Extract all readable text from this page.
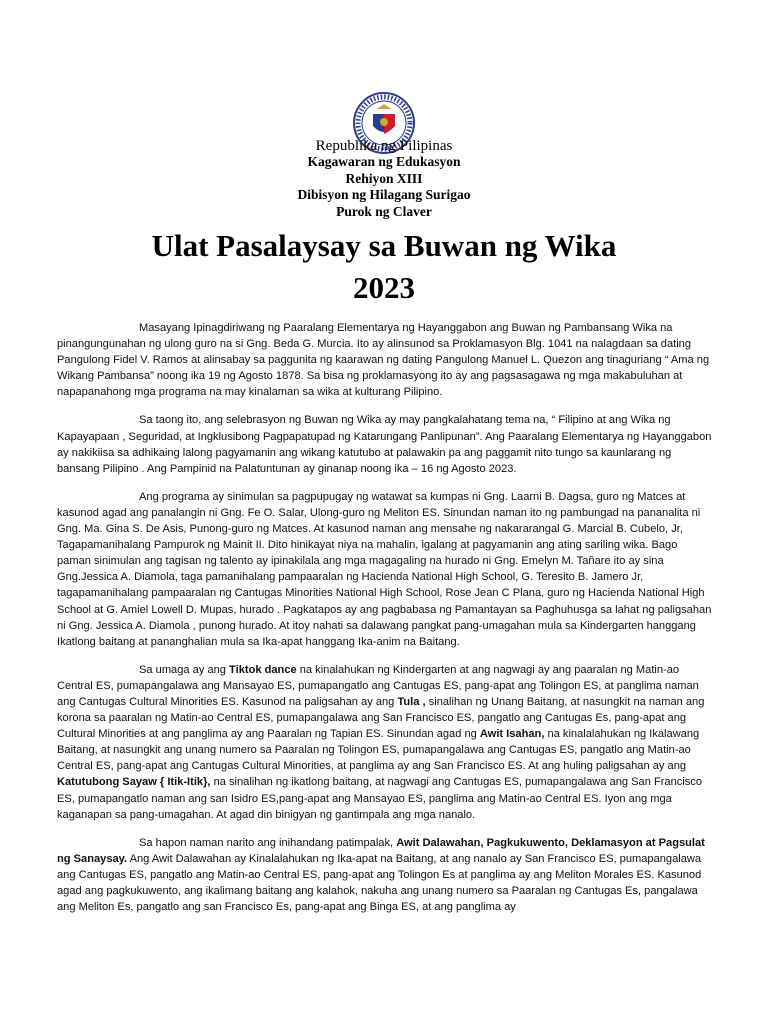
Republika ng Pilipinas
Kagawaran ng Edukasyon
Rehiyon XIII
Dibisyon ng Hilagang Surigao
Purok ng Claver
Ulat Pasalaysay sa Buwan ng Wika
2023

Masayang Ipinagdiriwang ng Paaralang Elementarya ng Hayanggabon ang Buwan ng Pambansang Wika na pinangungunahan ng ulong guro na si Gng. Beda G. Murcia. Ito ay alinsunod sa Proklamasyon Blg. 1041 na nalagdaan sa dating Pangulong Fidel V. Ramos at alinsabay sa paggunita ng kaarawan ng dating Pangulong Manuel L. Quezon ang tinaguriang “ Ama ng Wikang Pambansa” noong ika 19 ng Agosto 1878. Sa bisa ng proklamasyong ito ay ang pagsasagawa ng mga makabuluhan at napapanahong mga programa na may kinalaman sa wika at kulturang Pilipino.

Sa taong ito, ang selebrasyon ng Buwan ng Wika ay may pangkalahatang tema na, “ Filipino at ang Wika ng Kapayapaan , Seguridad, at Ingklusibong Pagpapatupad ng Katarungang Panlipunan”. Ang Paaralang Elementarya ng Hayanggabon ay nakikiisa sa adhikaing lalong pagyamanin ang wikang katutubo at palawakin pa ang paggamit nito tungo sa kaunlarang ng bansang Pilipino . Ang Pampinid na Palatuntunan ay ginanap noong ika – 16 ng Agosto 2023.

Ang programa ay sinimulan sa pagpupugay ng watawat sa kumpas ni Gng. Laarni B. Dagsa, guro ng Matces at kasunod agad ang panalangin ni Gng. Fe O. Salar, Ulong-guro ng Meliton ES. Sinundan naman ito ng pambungad na pananalita ni Gng. Ma. Gina S. De Asis, Punong-guro ng Matces. At kasunod naman ang mensahe ng nakararangal G. Marcial B. Cubelo, Jr, Tagapamanihalang Pampurok ng Mainit II. Dito hinikayat niya na mahalin, igalang at pagyamanin ang ating sariling wika. Bago paman sinimulan ang tagisan ng talento ay ipinakilala ang mga magagaling na hurado ni Gng. Emelyn M. Tañare ito ay sina Gng.Jessica A. Diamola, taga pamanihalang pampaaralan ng Hacienda National High School, G. Teresito B. Jamero Jr, tagapamanihalang pampaaralan ng Cantugas Minorities National High School, Rose Jean C Plana, guro ng Hacienda National High School at G. Amiel Lowell D. Mupas, hurado . Pagkatapos ay ang pagbabasa ng Pamantayan sa Paghuhusga sa lahat ng paligsahan ni Gng. Jessica A. Diamola , punong hurado. At itoy nahati sa dalawang pangkat pang-umagahan mula sa Kindergarten hanggang Ikatlong baitang at pananghalian mula sa Ika-apat hanggang Ika-anim na Baitang.

Sa umaga ay ang Tiktok dance na kinalahukan ng Kindergarten at ang nagwagi ay ang paaralan ng Matin-ao Central ES, pumapangalawa ang Mansayao ES, pumapangatlo ang Cantugas ES, pang-apat ang Tolingon ES, at panglima naman ang Cantugas Cultural Minorities ES. Kasunod na paligsahan ay ang Tula , sinalihan ng Unang Baitang, at nasungkit na naman ang korona sa paaralan ng Matin-ao Central ES, pumapangalawa ang San Francisco ES, pangatlo ang Cantugas Es, pang-apat ang Cultural Minorities at ang panglima ay ang Paaralan ng Tapian ES. Sinundan agad ng Awit Isahan, na kinalalahukan ng Ikalawang Baitang, at nasungkit ang unang numero sa Paaralan ng Tolingon ES, pumapangalawa ang Cantugas ES, pangatlo ang Matin-ao Central ES, pang-apat ang Cantugas Cultural Minorities, at panglima ay ang San Francisco ES. At ang huling paligsahan ay ang Katutubong Sayaw { Itik-Itik}, na sinalihan ng ikatlong baitang, at nagwagi ang Cantugas ES, pumapangalawa ang San Francisco ES, pumapangatlo naman ang san Isidro ES,pang-apat ang Mansayao ES, panglima ang Matin-ao Central ES. Iyon ang mga kaganapan sa pang-umagahan. At agad din binigyan ng gantimpala ang mga nanalo.

Sa hapon naman narito ang inihandang patimpalak, Awit Dalawahan, Pagkukuwento, Deklamasyon at Pagsulat ng Sanaysay. Ang Awit Dalawahan ay Kinalalahukan ng Ika-apat na Baitang, at ang nanalo ay San Francisco ES, pumapangalawa ang Cantugas ES, pangatlo ang Matin-ao Central ES, pang-apat ang Tolingon Es at panglima ay ang Meliton Morales ES. Kasunod agad ang pagkukuwento, ang ikalimang baitang ang kalahok, nakuha ang unang numero sa Paaralan ng Cantugas Es, pangalawa ang Meliton Es, pangatlo ang san Francisco Es, pang-apat ang Binga ES, at ang panglima ay
